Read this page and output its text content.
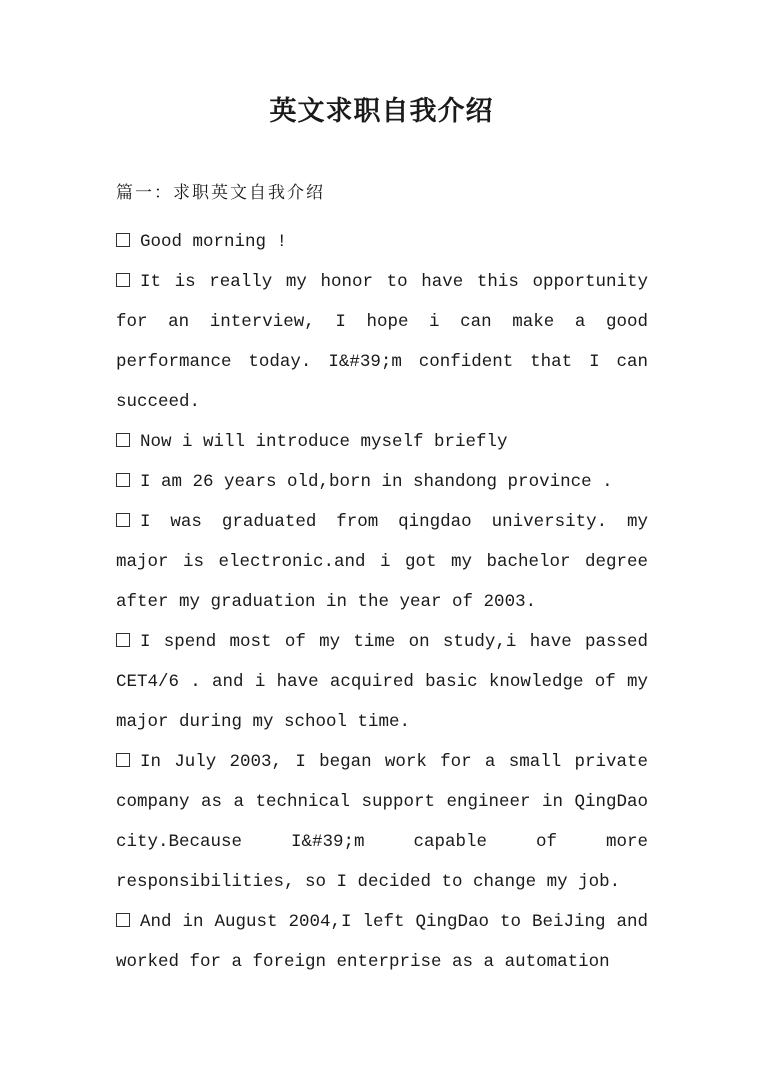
英文求职自我介绍
篇一：求职英文自我介绍

Good morning !

It is really my honor to have this opportunity for an interview, I hope i can make a good performance today. I&#39;m confident that I can succeed.

Now i will introduce myself briefly

I am 26 years old,born in shandong province .

I was graduated from qingdao university. my major is electronic.and i got my bachelor degree after my graduation in the year of 2003.

I spend most of my time on study,i have passed CET4/6 . and i have acquired basic knowledge of my major during my school time.

In July 2003, I began work for a small private company as a technical support engineer in QingDao city.Because I&#39;m capable of more responsibilities, so I decided to change my job.

And in August 2004,I left QingDao to BeiJing and worked for a foreign enterprise as a automation
